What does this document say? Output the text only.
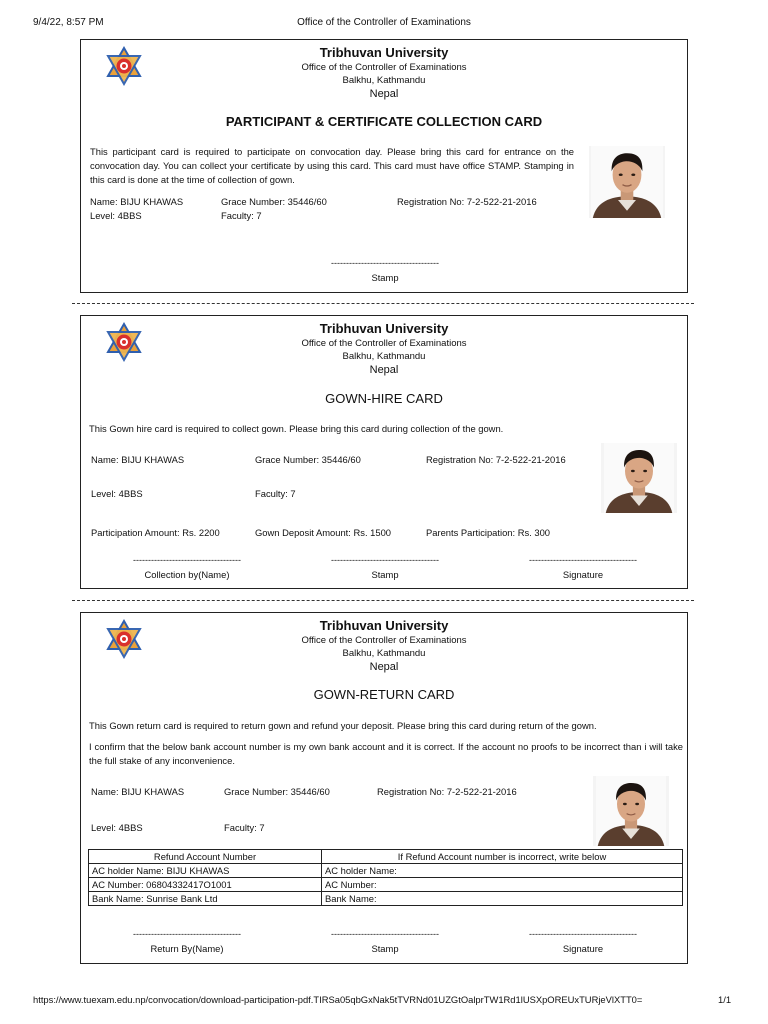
9/4/22, 8:57 PM	Office of the Controller of Examinations
Tribhuvan University
Office of the Controller of Examinations
Balkhu, Kathmandu
Nepal
PARTICIPANT & CERTIFICATE COLLECTION CARD
This participant card is required to participate on convocation day. Please bring this card for entrance on the convocation day. You can collect your certificate by using this card. This card must have office STAMP. Stamping in this card is done at the time of collection of gown.
Name: BIJU KHAWAS	Grace Number: 35446/60	Registration No: 7-2-522-21-2016
Level: 4BBS	Faculty: 7
------------------------------------
Stamp
Tribhuvan University
Office of the Controller of Examinations
Balkhu, Kathmandu
Nepal
GOWN-HIRE CARD
This Gown hire card is required to collect gown. Please bring this card during collection of the gown.
Name: BIJU KHAWAS	Grace Number: 35446/60	Registration No: 7-2-522-21-2016
Level: 4BBS	Faculty: 7
Participation Amount: Rs. 2200	Gown Deposit Amount: Rs. 1500	Parents Participation: Rs. 300
------------------------------------	------------------------------------	------------------------------------
Collection by(Name)	Stamp	Signature
Tribhuvan University
Office of the Controller of Examinations
Balkhu, Kathmandu
Nepal
GOWN-RETURN CARD
This Gown return card is required to return gown and refund your deposit. Please bring this card during return of the gown.
I confirm that the below bank account number is my own bank account and it is correct. If the account no proofs to be incorrect than i will take the full stake of any inconvenience.
Name: BIJU KHAWAS	Grace Number: 35446/60	Registration No: 7-2-522-21-2016
Level: 4BBS	Faculty: 7
Refund Account Number	If Refund Account number is incorrect, write below
AC holder Name: BIJU KHAWAS	AC holder Name:
AC Number: 06804332417O1001	AC Number:
Bank Name: Sunrise Bank Ltd	Bank Name:
------------------------------------	------------------------------------	------------------------------------
Return By(Name)	Stamp	Signature
https://www.tuexam.edu.np/convocation/download-participation-pdf.TIRSa05qbGxNak5tTVRNd01UZGtOalprTW1Rd1lUSXpOREUxTURjeVlXTT0=	1/1
